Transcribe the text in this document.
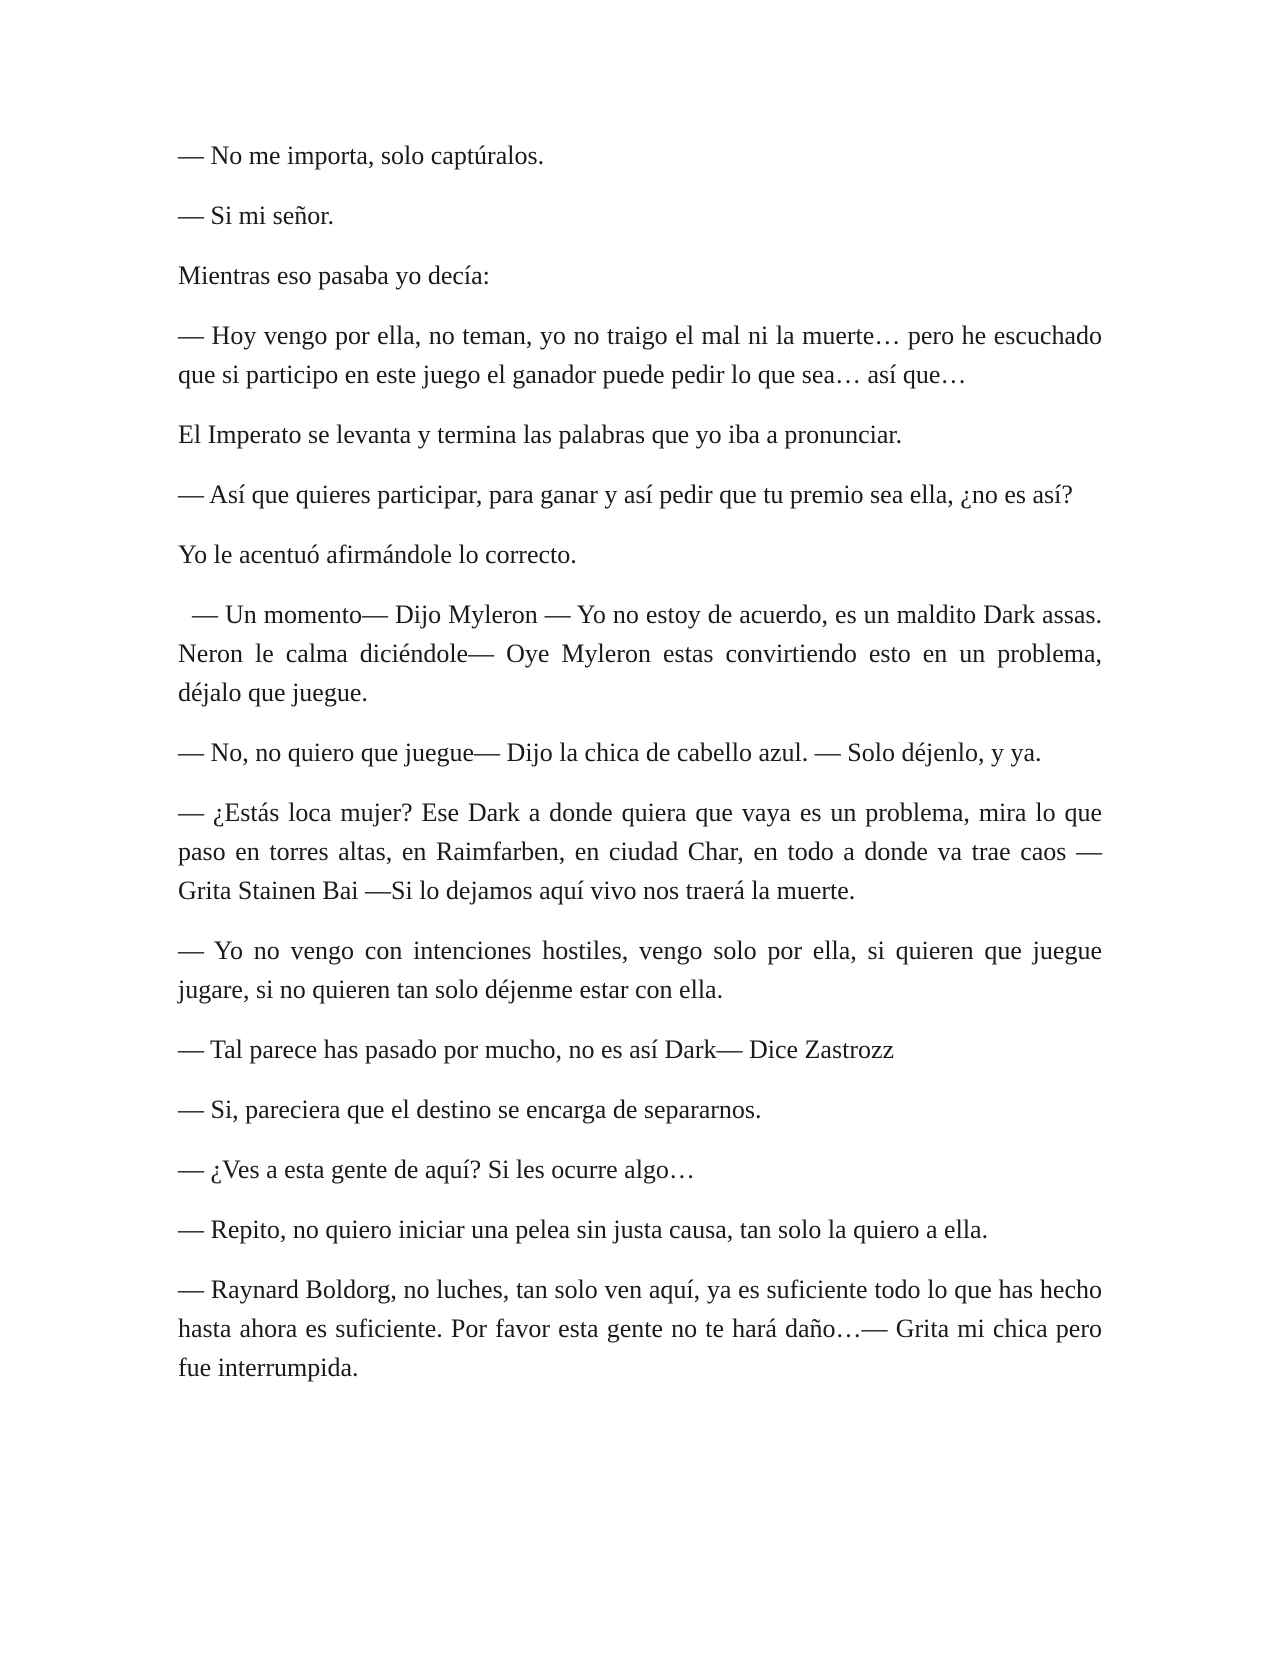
— No me importa, solo captúralos.

— Si mi señor.

Mientras eso pasaba yo decía:

— Hoy vengo por ella, no teman, yo no traigo el mal ni la muerte… pero he escuchado que si participo en este juego el ganador puede pedir lo que sea… así que…

El Imperato se levanta y termina las palabras que yo iba a pronunciar.

— Así que quieres participar, para ganar y así pedir que tu premio sea ella, ¿no es así?

Yo le acentuó afirmándole lo correcto.

— Un momento— Dijo Myleron — Yo no estoy de acuerdo, es un maldito Dark assas. Neron le calma diciéndole— Oye Myleron estas convirtiendo esto en un problema, déjalo que juegue.

— No, no quiero que juegue— Dijo la chica de cabello azul. — Solo déjenlo, y ya.

— ¿Estás loca mujer? Ese Dark a donde quiera que vaya es un problema, mira lo que paso en torres altas, en Raimfarben, en ciudad Char, en todo a donde va trae caos —Grita Stainen Bai —Si lo dejamos aquí vivo nos traerá la muerte.

— Yo no vengo con intenciones hostiles, vengo solo por ella, si quieren que juegue jugare, si no quieren tan solo déjenme estar con ella.

— Tal parece has pasado por mucho, no es así Dark— Dice Zastrozz

— Si, pareciera que el destino se encarga de separarnos.

— ¿Ves a esta gente de aquí? Si les ocurre algo…

— Repito, no quiero iniciar una pelea sin justa causa, tan solo la quiero a ella.

— Raynard Boldorg, no luches, tan solo ven aquí, ya es suficiente todo lo que has hecho hasta ahora es suficiente. Por favor esta gente no te hará daño…— Grita mi chica pero fue interrumpida.
